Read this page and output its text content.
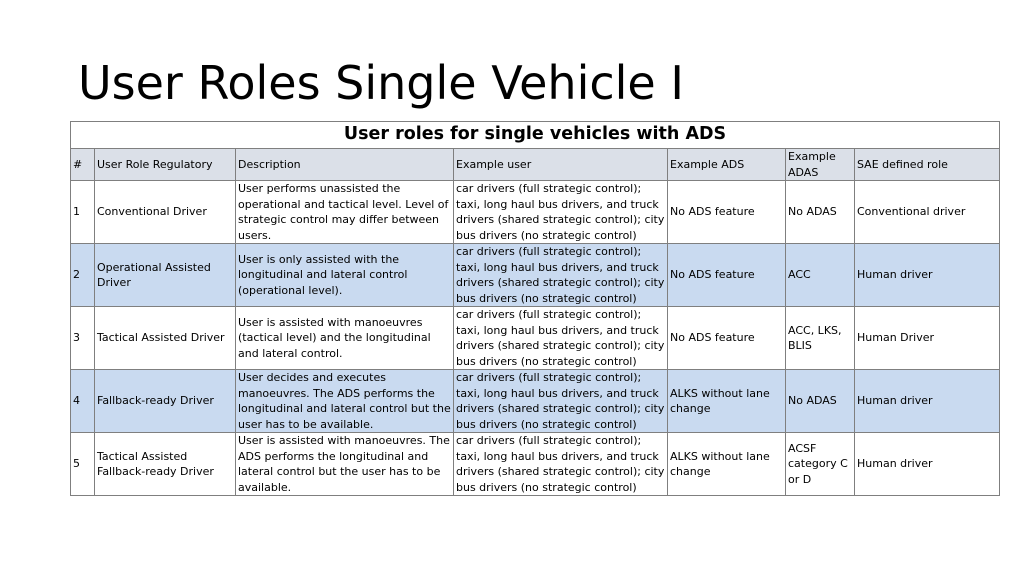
User Roles Single Vehicle I
User roles for single vehicles with ADS						
#	User Role Regulatory	Description	Example user	Example ADS	Example ADAS	SAE defined role
1	Conventional Driver	User performs unassisted the operational and tactical level. Level of strategic control may differ between users.	car drivers (full strategic control); taxi, long haul bus drivers, and truck drivers (shared strategic control); city bus drivers (no strategic control)	No ADS feature	No ADAS	Conventional driver
2	Operational Assisted Driver	User is only assisted with the longitudinal and lateral control (operational level).	car drivers (full strategic control); taxi, long haul bus drivers, and truck drivers (shared strategic control); city bus drivers (no strategic control)	No ADS feature	ACC	Human driver
3	Tactical Assisted Driver	User is assisted with manoeuvres (tactical level) and the longitudinal and lateral control.	car drivers (full strategic control); taxi, long haul bus drivers, and truck drivers (shared strategic control); city bus drivers (no strategic control)	No ADS feature	ACC, LKS, BLIS	Human Driver
4	Fallback-ready Driver	User decides and executes manoeuvres. The ADS performs the longitudinal and lateral control but the user has to be available.	car drivers (full strategic control); taxi, long haul bus drivers, and truck drivers (shared strategic control); city bus drivers (no strategic control)	ALKS without lane change	No ADAS	Human driver
5	Tactical Assisted Fallback-ready Driver	User is assisted with manoeuvres. The ADS performs the longitudinal and lateral control but the user has to be available.	car drivers (full strategic control); taxi, long haul bus drivers, and truck drivers (shared strategic control); city bus drivers (no strategic control)	ALKS without lane change	ACSF category C or D	Human driver
